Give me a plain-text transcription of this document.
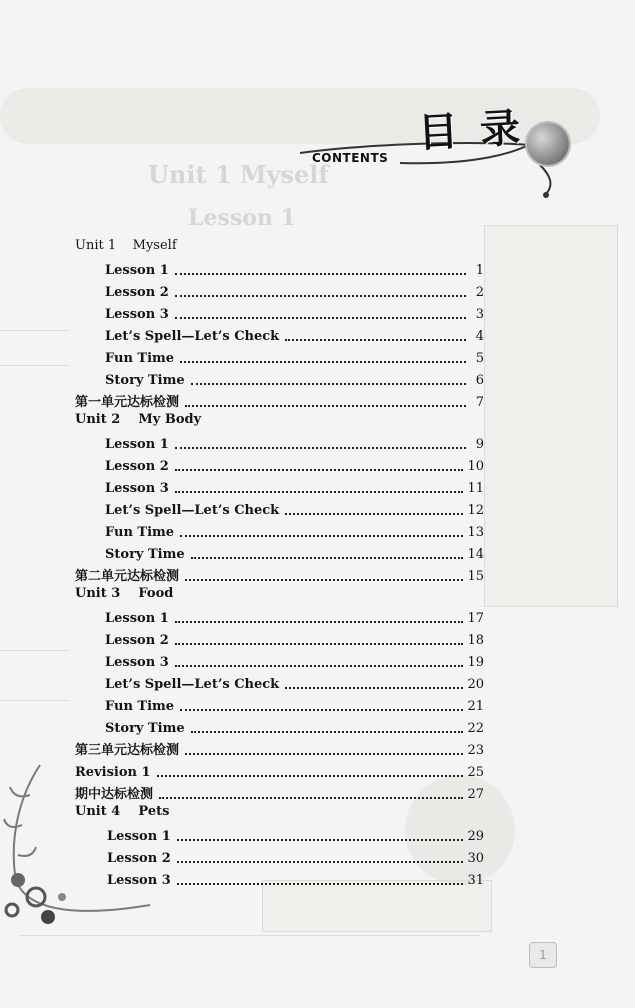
Unit 1 Myself
Lesson 1
目 录
CONTENTS
Unit 1    Myself
Lesson 1	1
Lesson 2	2
Lesson 3	3
Let’s Spell—Let’s Check	4
Fun Time	5
Story Time	6
第一单元达标检测	7
Unit 2    My Body
Lesson 1	9
Lesson 2	10
Lesson 3	11
Let’s Spell—Let’s Check	12
Fun Time	13
Story Time	14
第二单元达标检测	15
Unit 3    Food
Lesson 1	17
Lesson 2	18
Lesson 3	19
Let’s Spell—Let’s Check	20
Fun Time	21
Story Time	22
第三单元达标检测	23
Revision 1	25
期中达标检测	27
Unit 4    Pets
Lesson 1	29
Lesson 2	30
Lesson 3	31
1
